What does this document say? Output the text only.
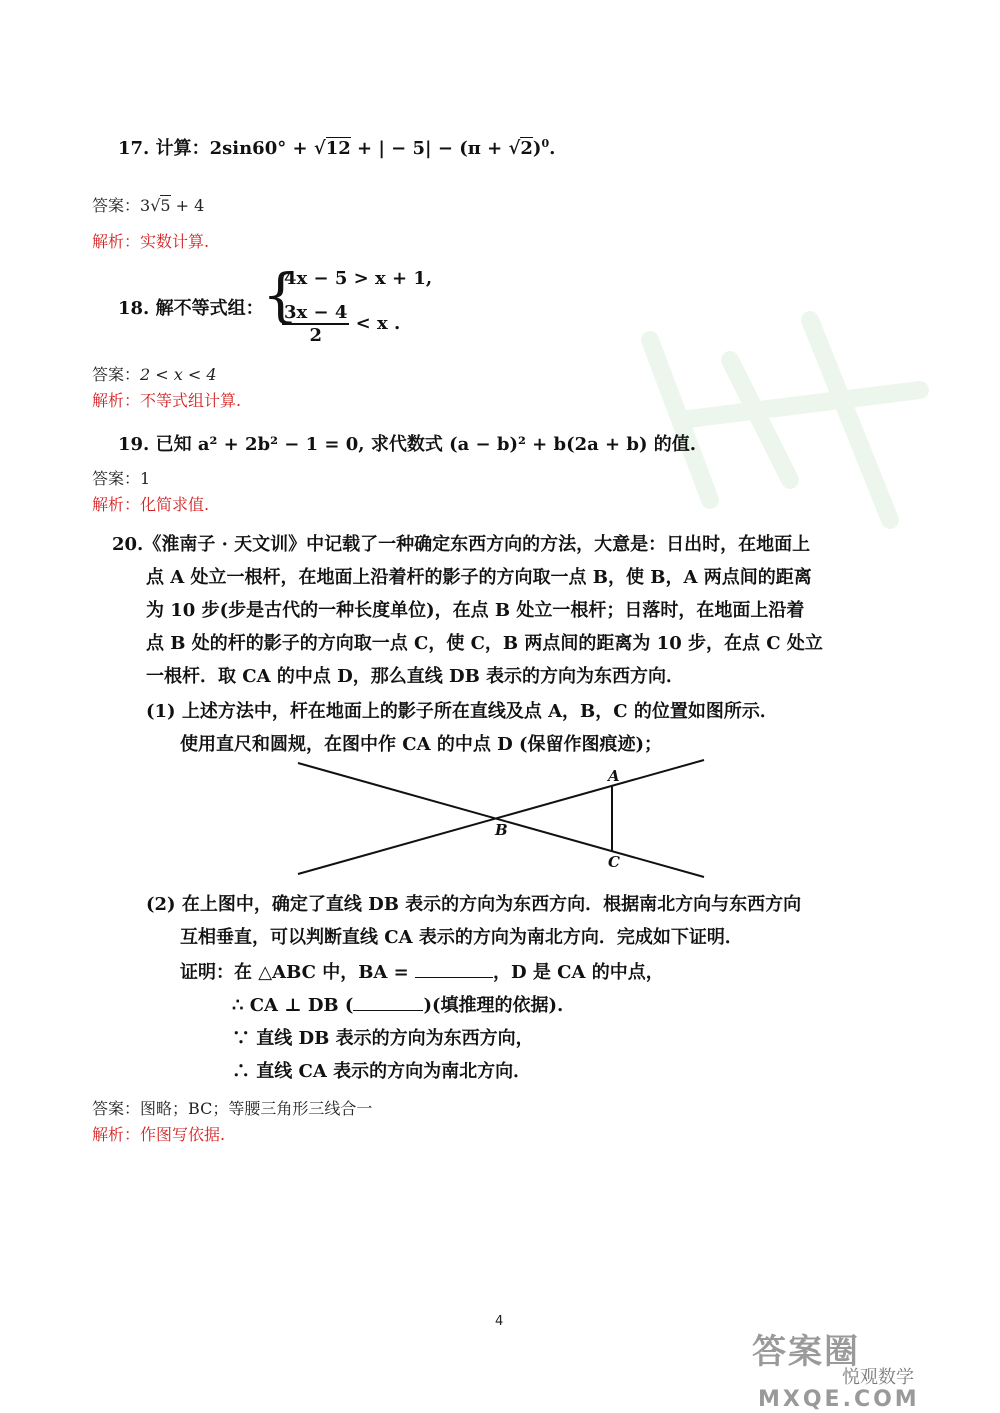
17. 计算：2sin60° + √12 + | − $5| - (\pi + √2)^0$.
答案：3√5 + 4
解析：实数计算.
18. 解不等式组：
{
4x − 5 > x + 1,
$\frac{3x - 4}{2} < x$ .
答案：2 < x < 4
解析：不等式组计算.
19. 已知 a² + 2b² − 1 = 0, 求代数式 (a − b)² + b(2a + b) 的值.
答案：1
解析：化简求值.
20.《淮南子 · 天文训》中记载了一种确定东西方向的方法，大意是：日出时，在地面上
点 A 处立一根杆，在地面上沿着杆的影子的方向取一点 B，使 B，A 两点间的距离
为 10 步(步是古代的一种长度单位)，在点 B 处立一根杆；日落时，在地面上沿着
点 B 处的杆的影子的方向取一点 C，使 C，B 两点间的距离为 10 步，在点 C 处立
一根杆．取 CA 的中点 D，那么直线 DB 表示的方向为东西方向．
(1) 上述方法中，杆在地面上的影子所在直线及点 A，B，C 的位置如图所示．
使用直尺和圆规，在图中作 CA 的中点 D (保留作图痕迹)；
A
B
C
(2) 在上图中，确定了直线 DB 表示的方向为东西方向．根据南北方向与东西方向
互相垂直，可以判断直线 CA 表示的方向为南北方向．完成如下证明．
证明：在 △ABC 中，BA =	，D 是 CA 的中点，
∴ CA ⊥ DB (	)(填推理的依据).
∵ 直线 DB 表示的方向为东西方向，
∴ 直线 CA 表示的方向为南北方向．
答案：图略；BC；等腰三角形三线合一
解析：作图写依据.
4
答案圈
悦观数学
MXQE.COM
